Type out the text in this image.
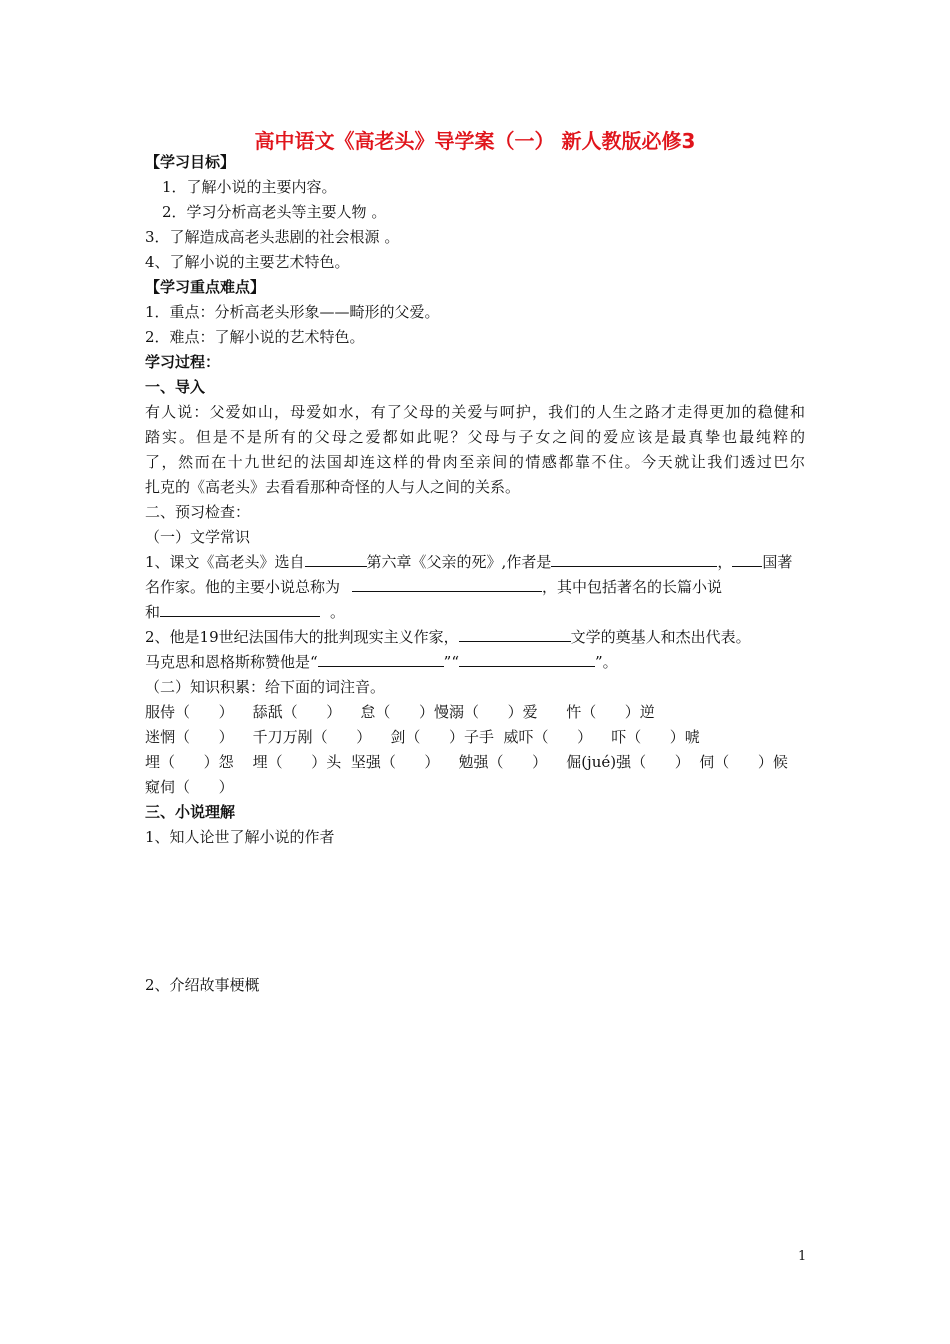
高中语文《高老头》导学案（一） 新人教版必修3
【学习目标】
1．了解小说的主要内容。
2．学习分析高老头等主要人物 。
3．了解造成高老头悲剧的社会根源 。
4、了解小说的主要艺术特色。
【学习重点难点】
1．重点：分析高老头形象——畸形的父爱。
2．难点：了解小说的艺术特色。
学习过程：
一、导入
有人说：父爱如山，母爱如水，有了父母的关爱与呵护，我们的人生之路才走得更加的稳健和
踏实。但是不是所有的父母之爱都如此呢？父母与子女之间的爱应该是最真挚也最纯粹的
了，然而在十九世纪的法国却连这样的骨肉至亲间的情感都靠不住。今天就让我们透过巴尔
扎克的《高老头》去看看那种奇怪的人与人之间的关系。
二、预习检查：
（一）文学常识
1、课文《高老头》选自	第六章《父亲的死》,作者是	， 国著
名作家。他的主要小说总称为	，其中包括著名的长篇小说
和	。
2、他是19世纪法国伟大的批判现实主义作家，	文学的奠基人和杰出代表。
马克思和恩格斯称赞他是“	”“	”。
（二）知识积累：给下面的词注音。
服侍（      ）    舔舐（      ）    怠（      ）慢溺（      ）爱      忤（      ）逆
迷惘（      ）    千刀万剐（      ）    剑（      ）子手  威吓（      ）    吓（      ）唬
埋（      ）怨    埋（      ）头  坚强（      ）    勉强（      ）    倔(jué)强（      ）  伺（      ）候
窥伺（      ）
三、小说理解
1、知人论世了解小说的作者
2、介绍故事梗概
1
